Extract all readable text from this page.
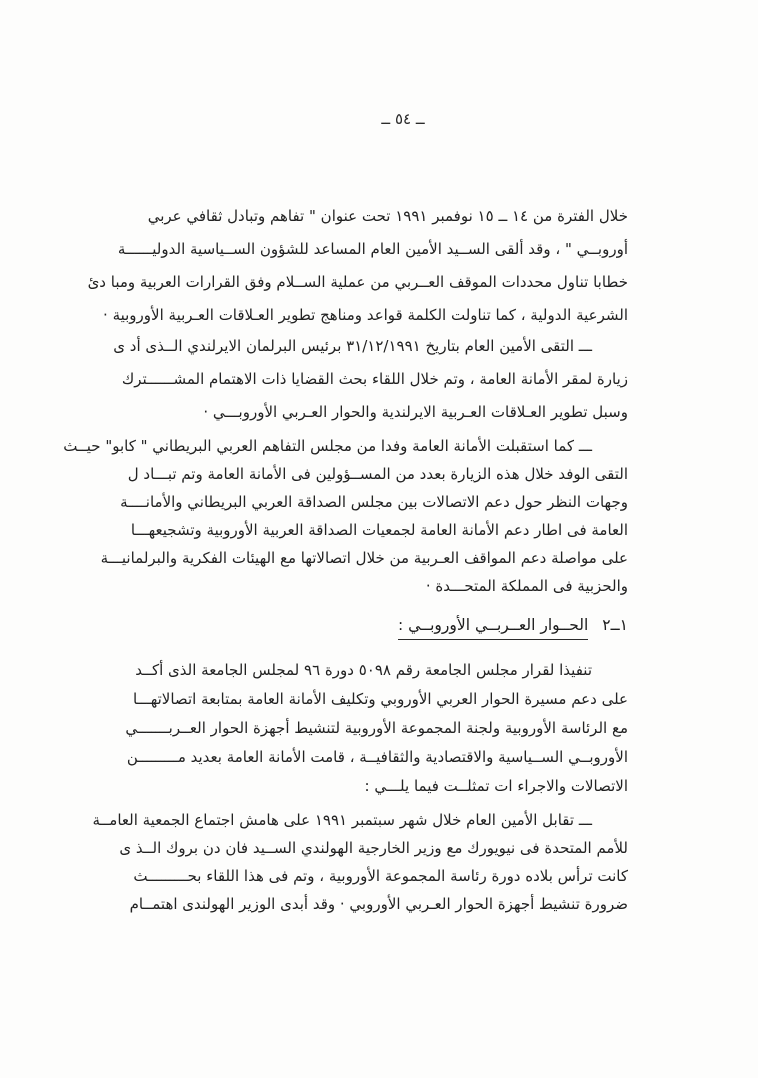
ــ ٥٤ ــ
خلال الفترة من ١٤ ــ ١٥ نوفمبر ١٩٩١ تحت عنوان " تفاهم وتبادل ثقافي عربي
أوروبــي " ، وقد ألقى الســيد الأمين العام المساعد للشؤون الســياسية الدوليــــــة
خطابا تناول محددات الموقف العــربي من عملية الســلام وفق القرارات العربية ومبا دئ
الشرعية الدولية ، كما تناولت الكلمة قواعد ومناهج تطوير العـلاقات العـربية الأوروبية ·
ـــ التقى الأمين العام بتاريخ ٣١/١٢/١٩٩١ برئيس البرلمان الايرلندي الــذى أد ى
زيارة لمقر الأمانة العامة ، وتم خلال اللقاء بحث القضايا ذات الاهتمام المشــــــترك
وسبل تطوير العـلاقات العـربية الايرلندية والحوار العـربي الأوروبـــي ·
ـــ كما استقبلت الأمانة العامة وفدا من مجلس التفاهم العربي البريطاني " كابو" حيــث
التقى الوفد خلال هذه الزيارة بعدد من المســؤولين فى الأمانة العامة وتم تبـــاد ل
وجهات النظر حول دعم الاتصالات بين مجلس الصداقة العربي البريطاني والأمانــــة
العامة فى اطار دعم الأمانة العامة لجمعيات الصداقة العربية الأوروبية وتشجيعهـــا
على مواصلة دعم المواقف العـربية من خلال اتصالاتها مع الهيئات الفكرية والبرلمانيـــة
والحزبية فى المملكة المتحـــدة ·
١ــ٢الحــوار العــربــي الأوروبــي :
تنفيذا لقرار مجلس الجامعة رقم ٥٠٩٨ دورة ٩٦ لمجلس الجامعة الذى أكــد
على دعم مسيرة الحوار العربي الأوروبي وتكليف الأمانة العامة بمتابعة اتصالاتهـــا
مع الرئاسة الأوروبية ولجنة المجموعة الأوروبية لتنشيط أجهزة الحوار العــربـــــــي
الأوروبــي الســياسية والاقتصادية والثقافيــة ، قامت الأمانة العامة بعديد مـــــــــن
الاتصالات والاجراء ات تمثلــت فيما يلـــي :
ـــ تقابل الأمين العام خلال شهر سبتمبر ١٩٩١ على هامش اجتماع الجمعية العامــة
للأمم المتحدة فى نيويورك مع وزير الخارجية الهولندي الســيد فان دن بروك الــذ ى
كانت ترأس بلاده دورة رئاسة المجموعة الأوروبية ، وتم فى هذا اللقاء بحـــــــــث
ضرورة تنشيط أجهزة الحوار العـربي الأوروبي · وقد أبدى الوزير الهولندى اهتمــام
